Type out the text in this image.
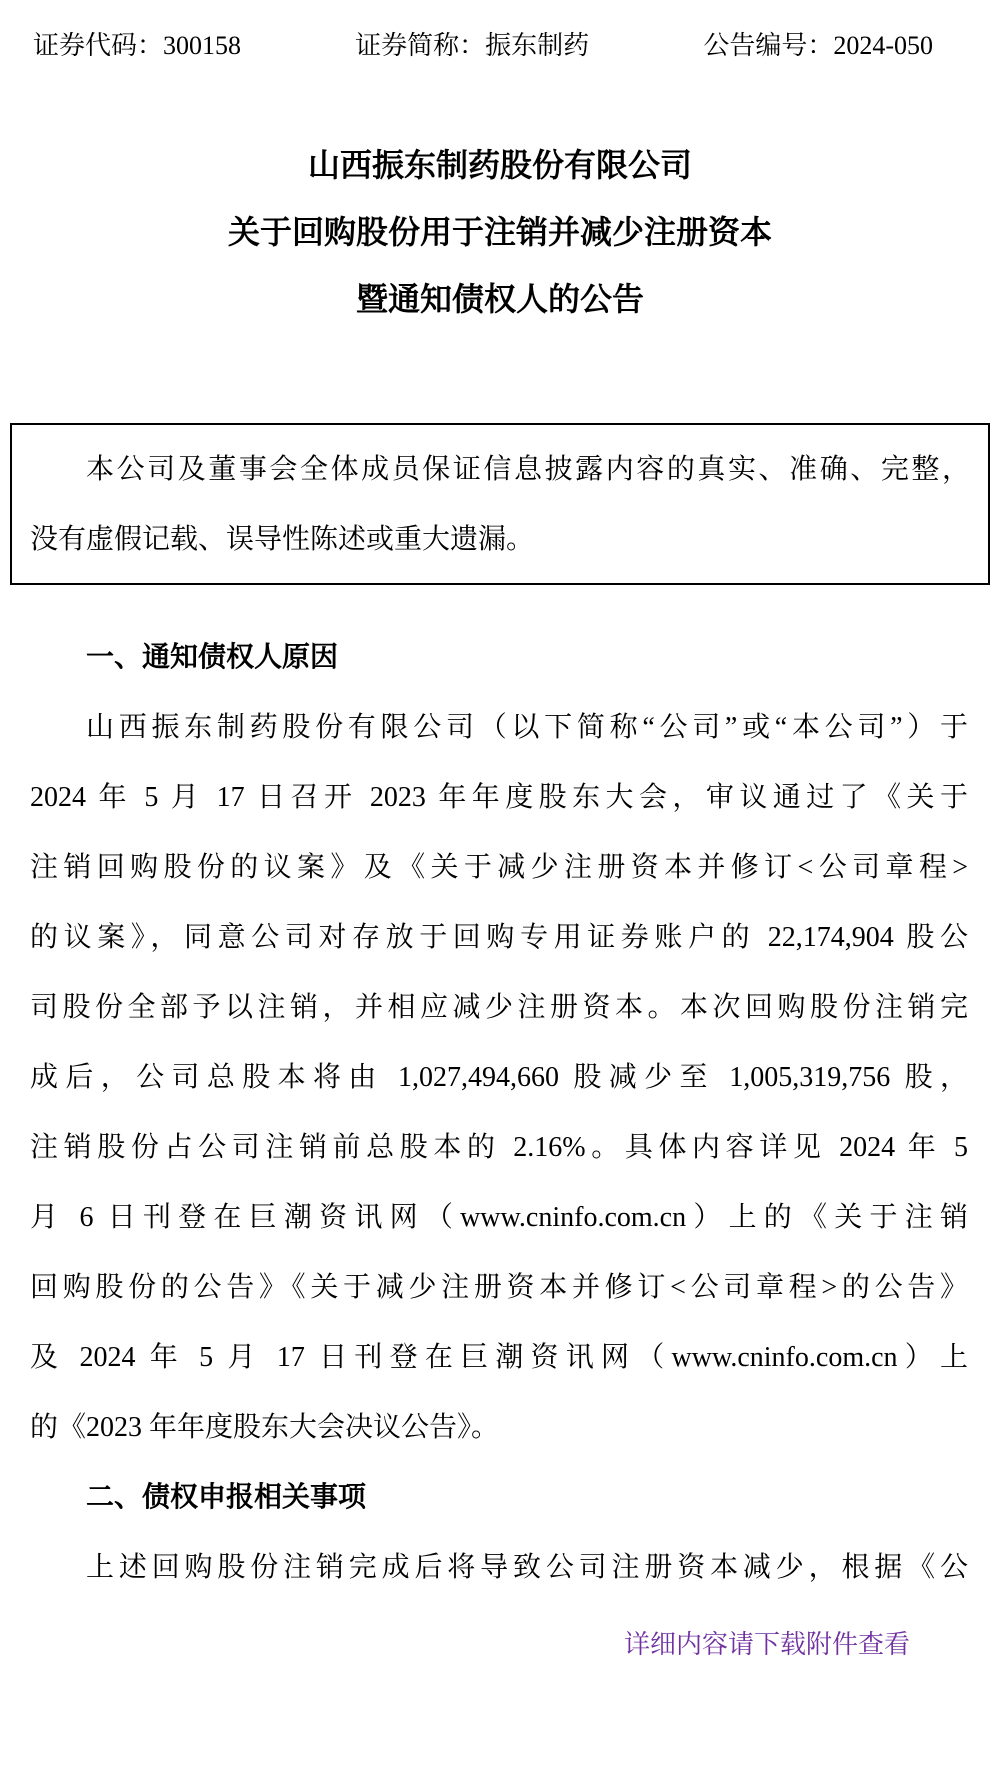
证券代码：300158	证券简称：振东制药	公告编号：2024-050
山西振东制药股份有限公司
关于回购股份用于注销并减少注册资本
暨通知债权人的公告
本公司及董事会全体成员保证信息披露内容的真实、准确、完整，
没有虚假记载、误导性陈述或重大遗漏。
一、通知债权人原因
山西振东制药股份有限公司（以下简称“公司”或“本公司”）于
2024 年 5 月 17 日召开 2023 年年度股东大会，审议通过了《关于
注销回购股份的议案》及《关于减少注册资本并修订<公司章程>
的议案》，同意公司对存放于回购专用证券账户的 22,174,904 股公
司股份全部予以注销，并相应减少注册资本。本次回购股份注销完
成后，公司总股本将由 1,027,494,660 股减少至 1,005,319,756 股，
注销股份占公司注销前总股本的 2.16%。具体内容详见 2024 年 5
月 6 日刊登在巨潮资讯网（www.cninfo.com.cn）上的《关于注销
回购股份的公告》《关于减少注册资本并修订<公司章程>的公告》
及 2024 年 5 月 17 日刊登在巨潮资讯网（www.cninfo.com.cn）上
的《2023 年年度股东大会决议公告》。
二、债权申报相关事项
上述回购股份注销完成后将导致公司注册资本减少，根据《公
详细内容请下载附件查看
